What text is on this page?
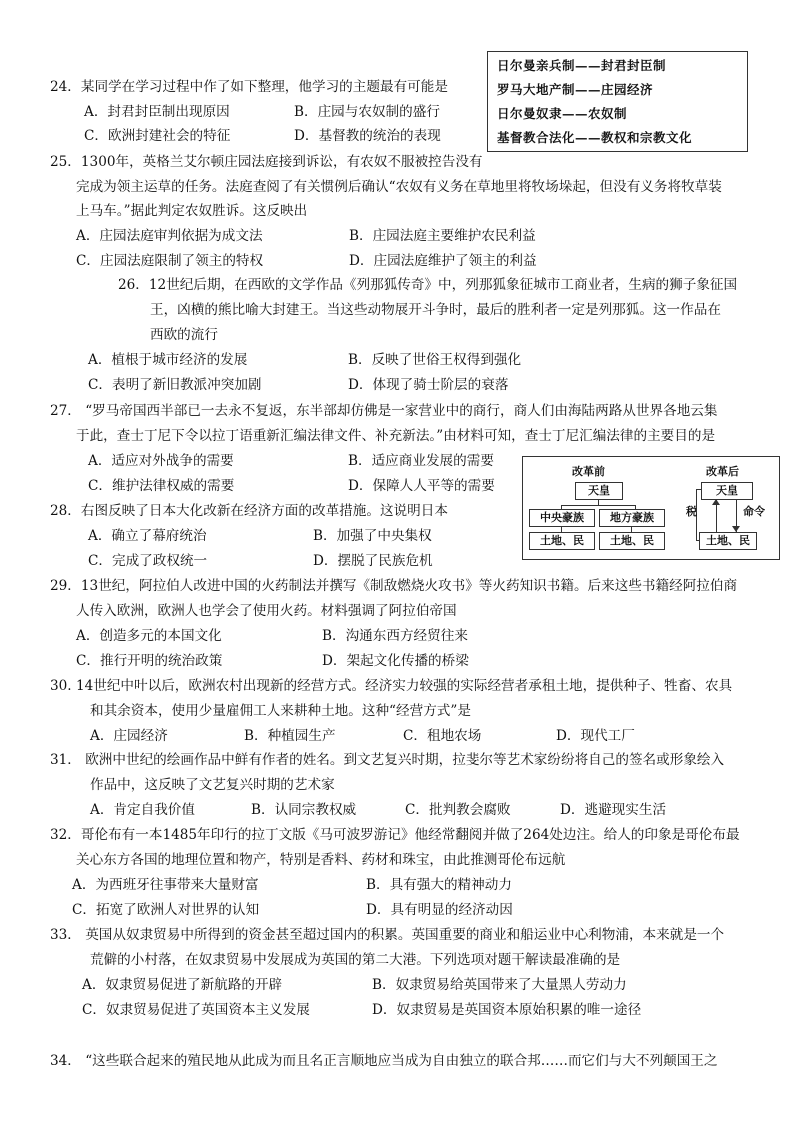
日尔曼亲兵制——封君封臣制
罗马大地产制——庄园经济
日尔曼奴隶——农奴制
基督教合法化——教权和宗教文化
24．某同学在学习过程中作了如下整理，他学习的主题最有可能是
A．封君封臣制出现原因	B．庄园与农奴制的盛行
C．欧洲封建社会的特征	D．基督教的统治的表现
25．1300年，英格兰艾尔顿庄园法庭接到诉讼，有农奴不服被控告没有
完成为领主运草的任务。法庭查阅了有关惯例后确认“农奴有义务在草地里将牧场垛起，但没有义务将牧草装
上马车。”据此判定农奴胜诉。这反映出
A．庄园法庭审判依据为成文法	B．庄园法庭主要维护农民利益
C．庄园法庭限制了领主的特权	D．庄园法庭维护了领主的利益
26．12世纪后期，在西欧的文学作品《列那狐传奇》中，列那狐象征城市工商业者，生病的狮子象征国
王，凶横的熊比喻大封建王。当这些动物展开斗争时，最后的胜利者一定是列那狐。这一作品在
西欧的流行
A．植根于城市经济的发展	B．反映了世俗王权得到强化
C．表明了新旧教派冲突加剧	D．体现了骑士阶层的衰落
27． “罗马帝国西半部已一去永不复返，东半部却仿佛是一家营业中的商行，商人们由海陆两路从世界各地云集
于此，查士丁尼下令以拉丁语重新汇编法律文件、补充新法。”由材料可知，查士丁尼汇编法律的主要目的是
A．适应对外战争的需要	B．适应商业发展的需要
C．维护法律权威的需要	D．保障人人平等的需要
改革前	改革后
天皇
中央豪族	地方豪族
土地、民	土地、民
天皇
税	命令
土地、民
28．右图反映了日本大化改新在经济方面的改革措施。这说明日本
A．确立了幕府统治	B．加强了中央集权
C．完成了政权统一	D．摆脱了民族危机
29．13世纪，阿拉伯人改进中国的火药制法并撰写《制敌燃烧火攻书》等火药知识书籍。后来这些书籍经阿拉伯商
人传入欧洲，欧洲人也学会了使用火药。材料强调了阿拉伯帝国
A．创造多元的本国文化	B．沟通东西方经贸往来
C．推行开明的统治政策	D．架起文化传播的桥梁
30. 14世纪中叶以后，欧洲农村出现新的经营方式。经济实力较强的实际经营者承租土地，提供种子、牲畜、农具
和其余资本，使用少量雇佣工人来耕种土地。这种“经营方式”是
A．庄园经济	B．种植园生产	C．租地农场	D．现代工厂
31． 欧洲中世纪的绘画作品中鲜有作者的姓名。到文艺复兴时期，拉斐尔等艺术家纷纷将自己的签名或形象绘入
作品中，这反映了文艺复兴时期的艺术家
A．肯定自我价值	B．认同宗教权威	C．批判教会腐败	D．逃避现实生活
32．哥伦布有一本1485年印行的拉丁文版《马可波罗游记》他经常翻阅并做了264处边注。给人的印象是哥伦布最
关心东方各国的地理位置和物产，特别是香料、药材和珠宝，由此推测哥伦布远航
A．为西班牙往事带来大量财富	B．具有强大的精神动力
C．拓宽了欧洲人对世界的认知	D．具有明显的经济动因
33． 英国从奴隶贸易中所得到的资金甚至超过国内的积累。英国重要的商业和船运业中心利物浦，本来就是一个
荒僻的小村落，在奴隶贸易中发展成为英国的第二大港。下列选项对题干解读最准确的是
A．奴隶贸易促进了新航路的开辟	B．奴隶贸易给英国带来了大量黑人劳动力
C．奴隶贸易促进了英国资本主义发展	D．奴隶贸易是英国资本原始积累的唯一途径
34． “这些联合起来的殖民地从此成为而且名正言顺地应当成为自由独立的联合邦……而它们与大不列颠国王之
